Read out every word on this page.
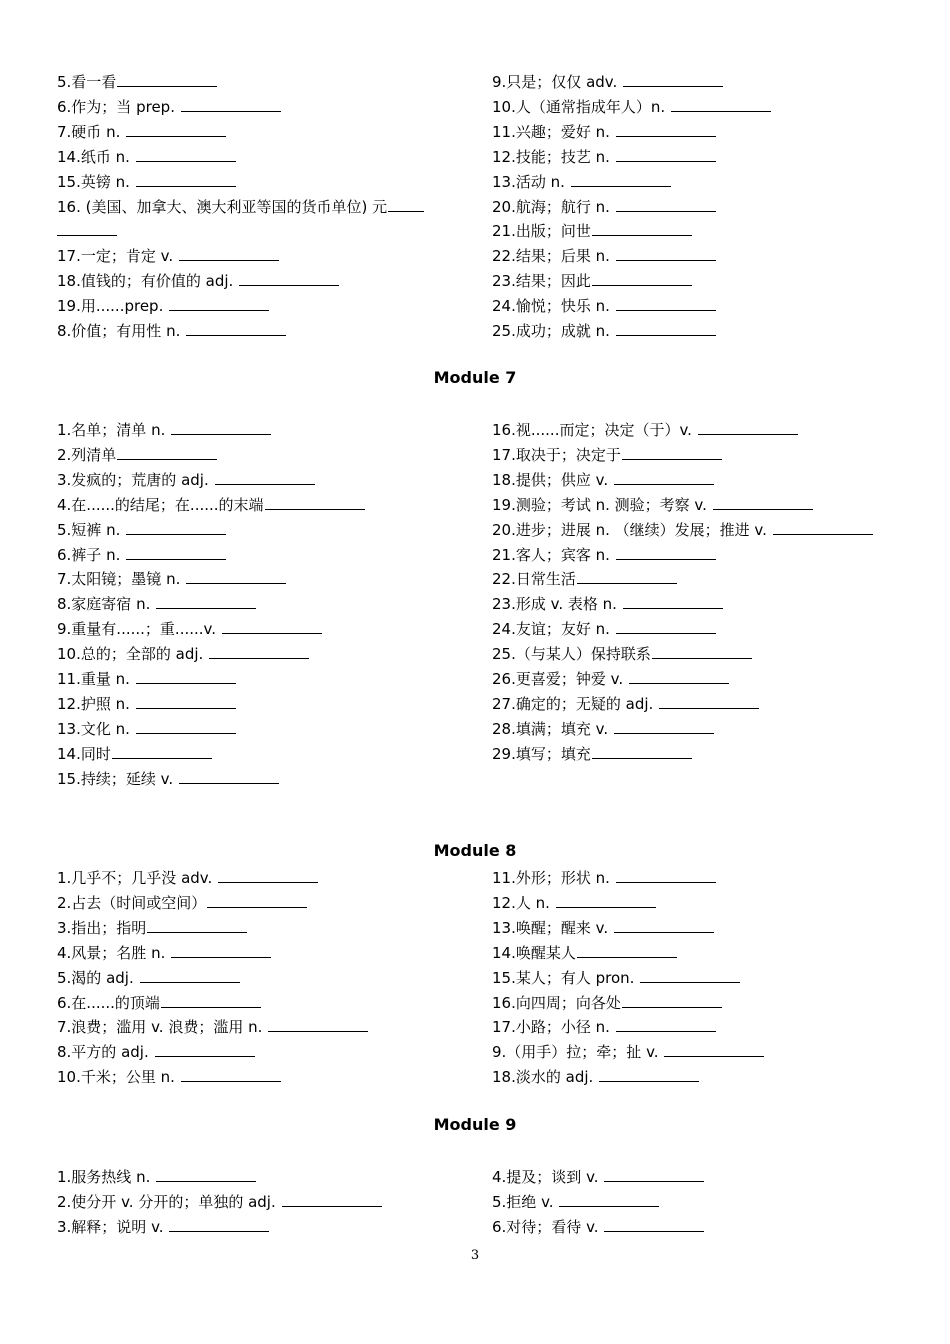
5.看一看
6.作为；当 prep.
7.硬币 n.
14.纸币 n.
15.英镑 n.
16. (美国、加拿大、澳大利亚等国的货币单位) 元
17.一定；肯定 v.
18.值钱的；有价值的 adj.
19.用......prep.
8.价值；有用性 n.
9.只是；仅仅 adv.
10.人（通常指成年人）n.
11.兴趣；爱好 n.
12.技能；技艺 n.
13.活动 n.
20.航海；航行 n.
21.出版；问世
22.结果；后果 n.
23.结果；因此
24.愉悦；快乐 n.
25.成功；成就 n.
Module 7
1.名单；清单 n.
2.列清单
3.发疯的；荒唐的 adj.
4.在......的结尾；在......的末端
5.短裤 n.
6.裤子 n.
7.太阳镜；墨镜 n.
8.家庭寄宿 n.
9.重量有......；重......v.
10.总的；全部的 adj.
11.重量 n.
12.护照 n.
13.文化 n.
14.同时
15.持续；延续 v.
16.视......而定；决定（于）v.
17.取决于；决定于
18.提供；供应 v.
19.测验；考试 n. 测验；考察 v.
20.进步；进展 n. （继续）发展；推进 v.
21.客人；宾客 n.
22.日常生活
23.形成 v. 表格 n.
24.友谊；友好 n.
25.（与某人）保持联系
26.更喜爱；钟爱 v.
27.确定的；无疑的 adj.
28.填满；填充 v.
29.填写；填充
Module 8
1.几乎不；几乎没 adv.
2.占去（时间或空间）
3.指出；指明
4.风景；名胜 n.
5.渴的 adj.
6.在......的顶端
7.浪费；滥用 v. 浪费；滥用 n.
8.平方的 adj.
10.千米；公里 n.
11.外形；形状 n.
12.人 n.
13.唤醒；醒来 v.
14.唤醒某人
15.某人；有人 pron.
16.向四周；向各处
17.小路；小径 n.
9.（用手）拉；牵；扯 v.
18.淡水的 adj.
Module 9
1.服务热线 n.
2.使分开 v. 分开的；单独的 adj.
3.解释；说明 v.
4.提及；谈到 v.
5.拒绝 v.
6.对待；看待 v.
3
